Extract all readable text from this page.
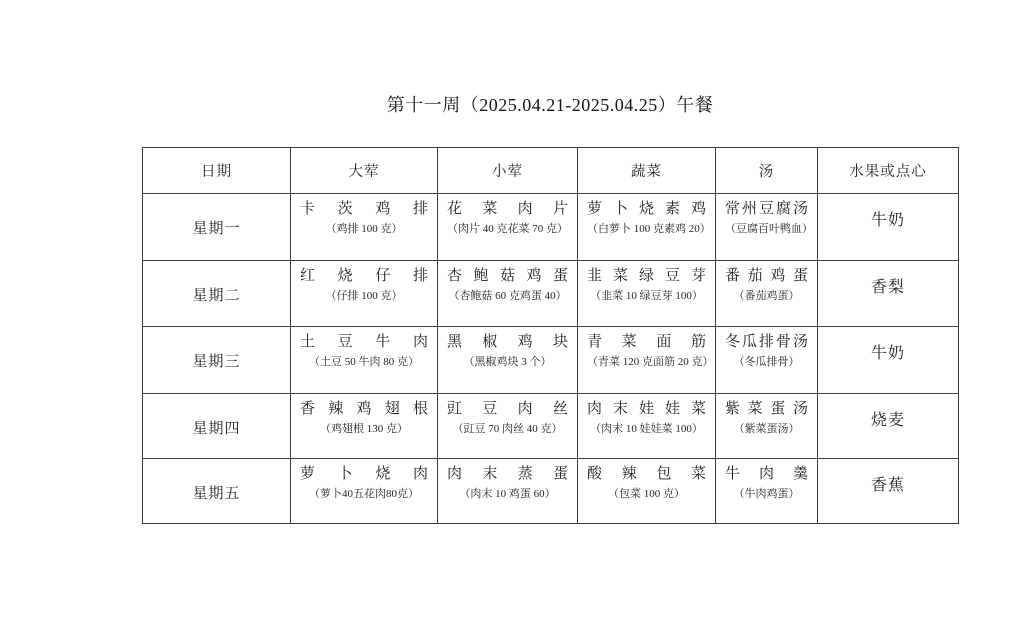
第十一周（2025.04.21-2025.04.25）午餐
日期	大荤	小荤	蔬菜	汤	水果或点心
星期一	
卡茨鸡排
（鸡排 100 克）

花菜肉片
（肉片 40 克花菜 70 克）

萝卜烧素鸡
（白萝卜 100 克素鸡 20）

常州豆腐汤
（豆腐百叶鸭血）	牛奶
星期二	
红烧仔排
（仔排 100 克）

杏鲍菇鸡蛋
（杏鲍菇 60 克鸡蛋 40）

韭菜绿豆芽
（韭菜 10 绿豆芽 100）

番茄鸡蛋
（番茄鸡蛋）	香梨
星期三	
土豆牛肉
（土豆 50 牛肉 80 克）

黑椒鸡块
（黑椒鸡块 3 个）

青菜面筋
（青菜 120 克面筋 20 克）

冬瓜排骨汤
（冬瓜排骨）	牛奶
星期四	
香辣鸡翅根
（鸡翅根 130 克）

豇豆肉丝
（豇豆 70 肉丝 40 克）

肉末娃娃菜
（肉末 10 娃娃菜 100）

紫菜蛋汤
（紫菜蛋汤）	烧麦
星期五	
萝卜烧肉
（萝卜40五花肉80克）

肉末蒸蛋
（肉末 10 鸡蛋 60）

酸辣包菜
（包菜 100 克）

牛肉羹
（牛肉鸡蛋）	香蕉
